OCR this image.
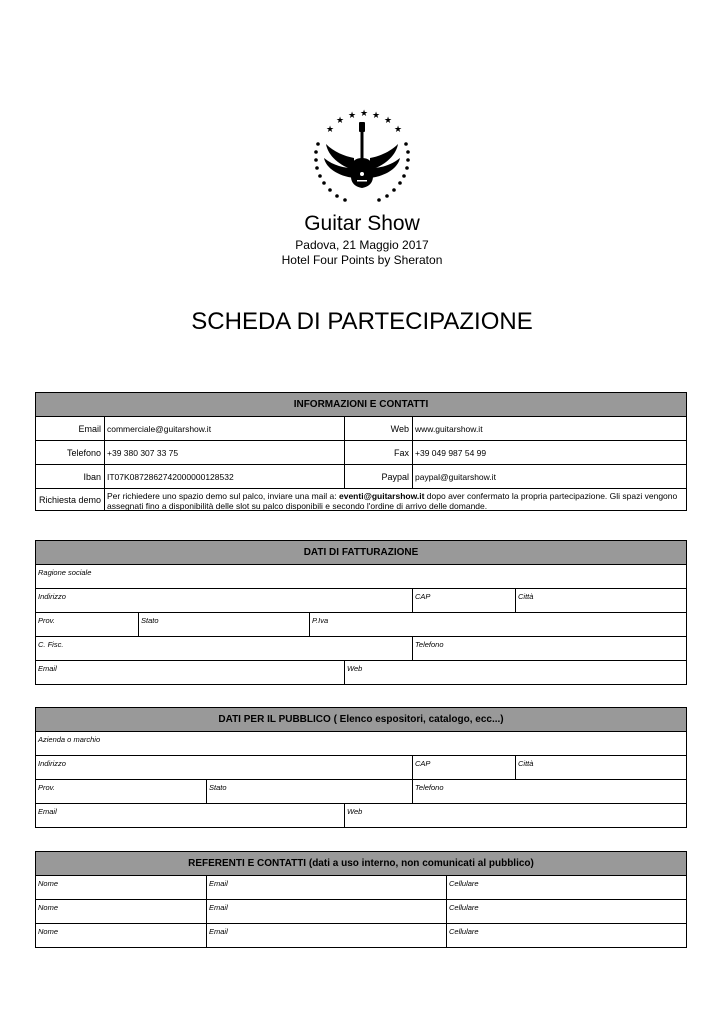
★
★ ★ ★ ★ ★
★
Guitar Show
Padova, 21 Maggio 2017
Hotel Four Points by Sheraton
SCHEDA DI PARTECIPAZIONE
INFORMAZIONI E CONTATTI
Email commerciale@guitarshow.it	Web www.guitarshow.it
Telefono +39 380 307 33 75	Fax +39 049 987 54 99
Iban IT07K0872862742000000128532	Paypal paypal@guitarshow.it
Richiesta demo Per richiedere uno spazio demo sul palco, inviare una mail a: eventi@guitarshow.it dopo aver confermato la propria partecipazione. Gli spazi vengono assegnati fino a disponibilità delle slot su palco disponibili e secondo l'ordine di arrivo delle domande.
DATI DI FATTURAZIONE
Ragione sociale
Indirizzo	CAP	Città
Prov.	Stato	P.Iva
C. Fisc.	Telefono
Email	Web
DATI PER IL PUBBLICO ( Elenco espositori, catalogo, ecc...)
Azienda o marchio
Indirizzo	CAP	Città
Prov.	Stato	Telefono
Email	Web
REFERENTI E CONTATTI (dati a uso interno, non comunicati al pubblico)
Nome	Email	Cellulare
Nome	Email	Cellulare
Nome	Email	Cellulare
